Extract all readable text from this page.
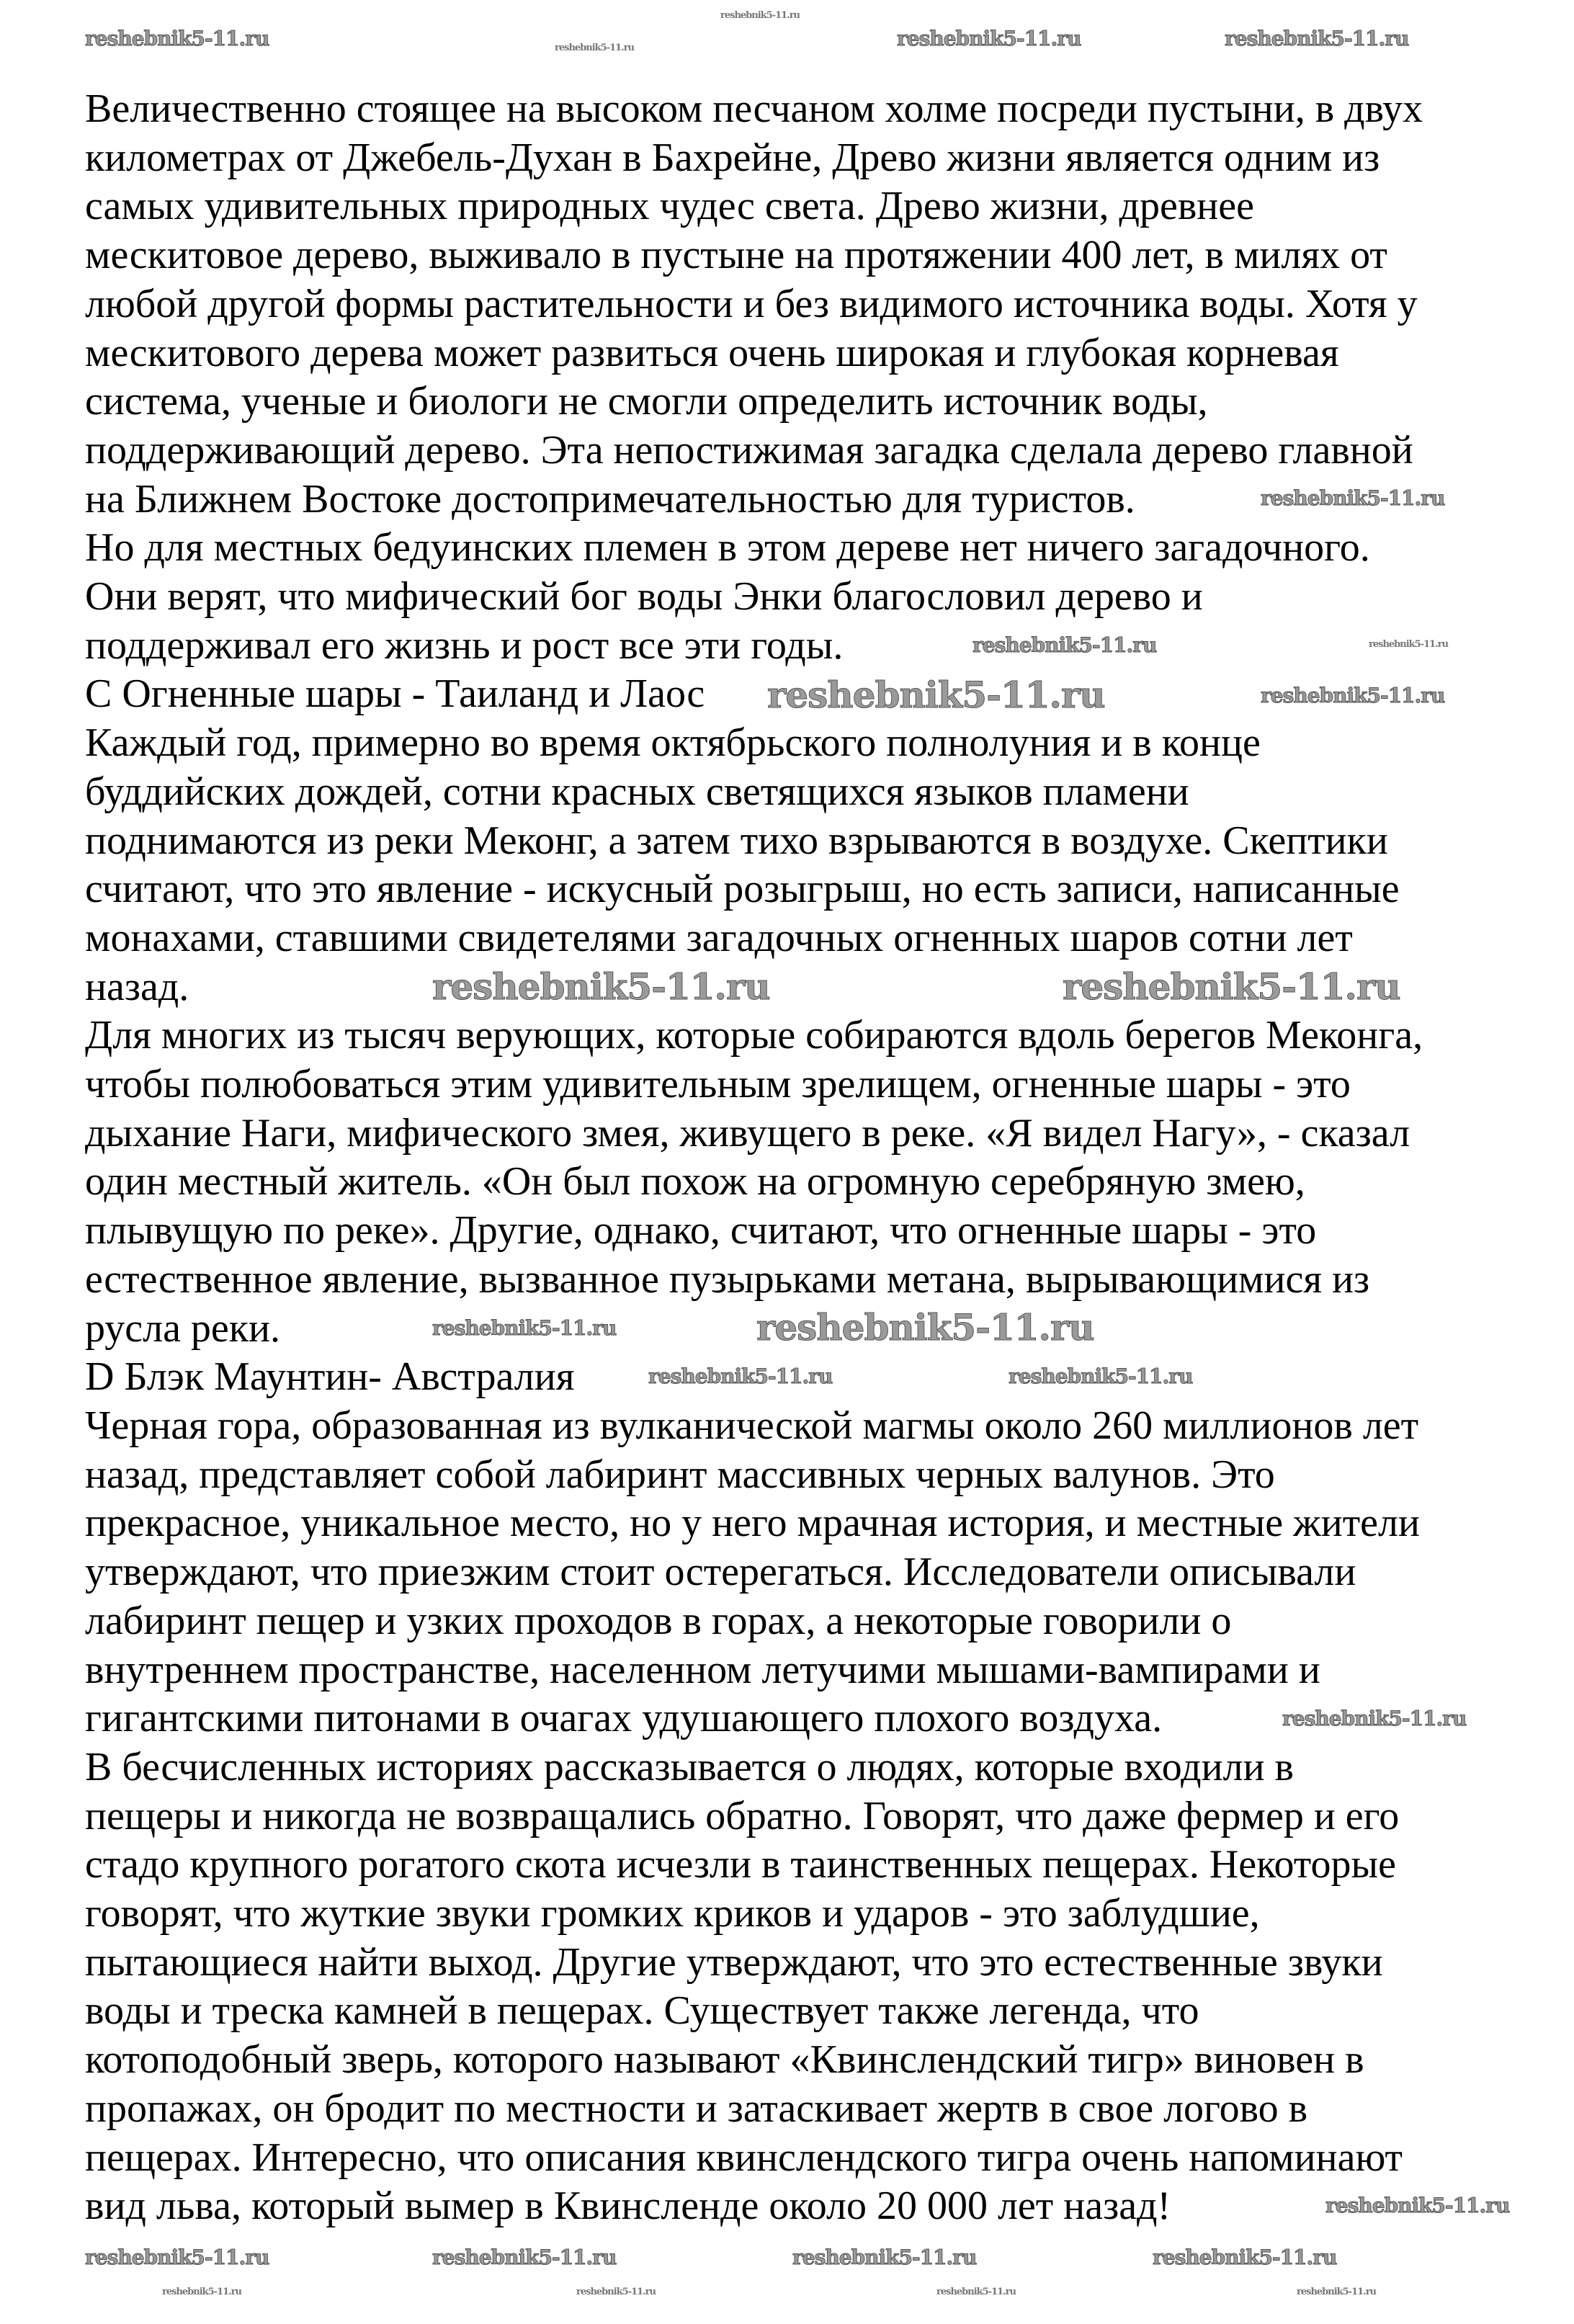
Величественно стоящее на высоком песчаном холме посреди пустыни, в двух
километрах от Джебель-Духан в Бахрейне, Древо жизни является одним из
самых удивительных природных чудес света. Древо жизни, древнее
мескитовое дерево, выживало в пустыне на протяжении 400 лет, в милях от
любой другой формы растительности и без видимого источника воды. Хотя у
мескитового дерева может развиться очень широкая и глубокая корневая
система, ученые и биологи не смогли определить источник воды,
поддерживающий дерево. Эта непостижимая загадка сделала дерево главной
на Ближнем Востоке достопримечательностью для туристов.
Но для местных бедуинских племен в этом дереве нет ничего загадочного.
Они верят, что мифический бог воды Энки благословил дерево и
поддерживал его жизнь и рост все эти годы.
C Огненные шары - Таиланд и Лаос
Каждый год, примерно во время октябрьского полнолуния и в конце
буддийских дождей, сотни красных светящихся языков пламени
поднимаются из реки Меконг, а затем тихо взрываются в воздухе. Скептики
считают, что это явление - искусный розыгрыш, но есть записи, написанные
монахами, ставшими свидетелями загадочных огненных шаров сотни лет
назад.
Для многих из тысяч верующих, которые собираются вдоль берегов Меконга,
чтобы полюбоваться этим удивительным зрелищем, огненные шары - это
дыхание Наги, мифического змея, живущего в реке. «Я видел Нагу», - сказал
один местный житель. «Он был похож на огромную серебряную змею,
плывущую по реке». Другие, однако, считают, что огненные шары - это
естественное явление, вызванное пузырьками метана, вырывающимися из
русла реки.
D Блэк Маунтин- Австралия
Черная гора, образованная из вулканической магмы около 260 миллионов лет
назад, представляет собой лабиринт массивных черных валунов. Это
прекрасное, уникальное место, но у него мрачная история, и местные жители
утверждают, что приезжим стоит остерегаться. Исследователи описывали
лабиринт пещер и узких проходов в горах, а некоторые говорили о
внутреннем пространстве, населенном летучими мышами-вампирами и
гигантскими питонами в очагах удушающего плохого воздуха.
В бесчисленных историях рассказывается о людях, которые входили в
пещеры и никогда не возвращались обратно. Говорят, что даже фермер и его
стадо крупного рогатого скота исчезли в таинственных пещерах. Некоторые
говорят, что жуткие звуки громких криков и ударов - это заблудшие,
пытающиеся найти выход. Другие утверждают, что это естественные звуки
воды и треска камней в пещерах. Существует также легенда, что
котоподобный зверь, которого называют «Квинслендский тигр» виновен в
пропажах, он бродит по местности и затаскивает жертв в свое логово в
пещерах. Интересно, что описания квинслендского тигра очень напоминают
вид льва, который вымер в Квинсленде около 20 000 лет назад!
reshebnik5-11.ru	reshebnik5-11.ru
reshebnik5-11.ru	reshebnik5-11.ru
reshebnik5-11.ru
reshebnik5-11.ru
reshebnik5-11.ru	reshebnik5-11.ru
reshebnik5-11.ru	reshebnik5-11.ru
reshebnik5-11.ru	reshebnik5-11.ru
reshebnik5-11.ru
reshebnik5-11.ru
reshebnik5-11.ru	reshebnik5-11.ru
reshebnik5-11.ru
reshebnik5-11.ru
reshebnik5-11.ru	reshebnik5-11.ru	reshebnik5-11.ru	reshebnik5-11.ru
reshebnik5-11.ru	reshebnik5-11.ru	reshebnik5-11.ru	reshebnik5-11.ru
